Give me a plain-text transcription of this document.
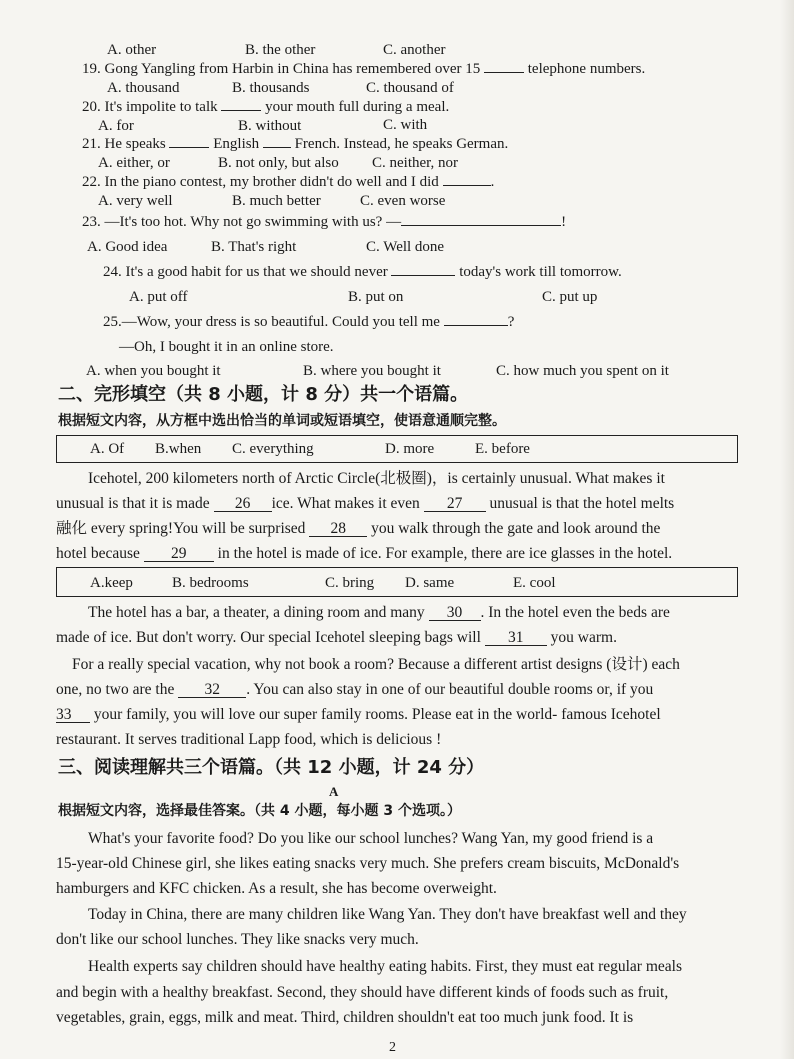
A. other	B. the other	C. another
19. Gong Yangling from Harbin in China has remembered over 15	telephone numbers.
A. thousand	B. thousands	C. thousand of
20. It's impolite to talk	your mouth full during a meal.
A. for	B. without	C. with
21. He speaks	English French. Instead, he speaks German.
A. either, or	B. not only, but also C. neither, nor
22. In the piano contest, my brother didn't do well and I did	.
A. very well	B. much better	C. even worse
23. —It's too hot. Why not go swimming with us? —	!
A. Good idea	B. That's right	C. Well done
24. It's a good habit for us that we should never	today's work till tomorrow.
A. put off	B. put on	C. put up
25.—Wow, your dress is so beautiful. Could you tell me	?
—Oh, I bought it in an online store.
A. when you bought it	B. where you bought it	C. how much you spent on it
二、完形填空（共 8 小题，计 8 分）共一个语篇。
根据短文内容，从方框中选出恰当的单词或短语填空，使语意通顺完整。
A. Of B.when C. everything	D. more	E. before
Icehotel, 200 kilometers north of Arctic Circle(北极圈)，is certainly unusual. What makes it
unusual is that it is made 26 ice. What makes it even 27 unusual is that the hotel melts
融化 every spring!You will be surprised 28 you walk through the gate and look around the
hotel because 29 in the hotel is made of ice. For example, there are ice glasses in the hotel.
A.keep	B. bedrooms	C. bring D. same	E. cool
The hotel has a bar, a theater, a dining room and many 30 . In the hotel even the beds are
made of ice. But don't worry. Our special Icehotel sleeping bags will 31 you warm.
For a really special vacation, why not book a room? Because a different artist designs (设计) each
one, no two are the 32 . You can also stay in one of our beautiful double rooms or, if you
33 your family, you will love our super family rooms. Please eat in the world- famous Icehotel
restaurant. It serves traditional Lapp food, which is delicious !
三、阅读理解共三个语篇。（共 12 小题，计 24 分）
A
根据短文内容，选择最佳答案。（共 4 小题，每小题 3 个选项。）
What's your favorite food? Do you like our school lunches? Wang Yan, my good friend is a
15-year-old Chinese girl, she likes eating snacks very much. She prefers cream biscuits, McDonald's
hamburgers and KFC chicken. As a result, she has become overweight.
Today in China, there are many children like Wang Yan. They don't have breakfast well and they
don't like our school lunches. They like snacks very much.
Health experts say children should have healthy eating habits. First, they must eat regular meals
and begin with a healthy breakfast. Second, they should have different kinds of foods such as fruit,
vegetables, grain, eggs, milk and meat. Third, children shouldn't eat too much junk food. It is
2
